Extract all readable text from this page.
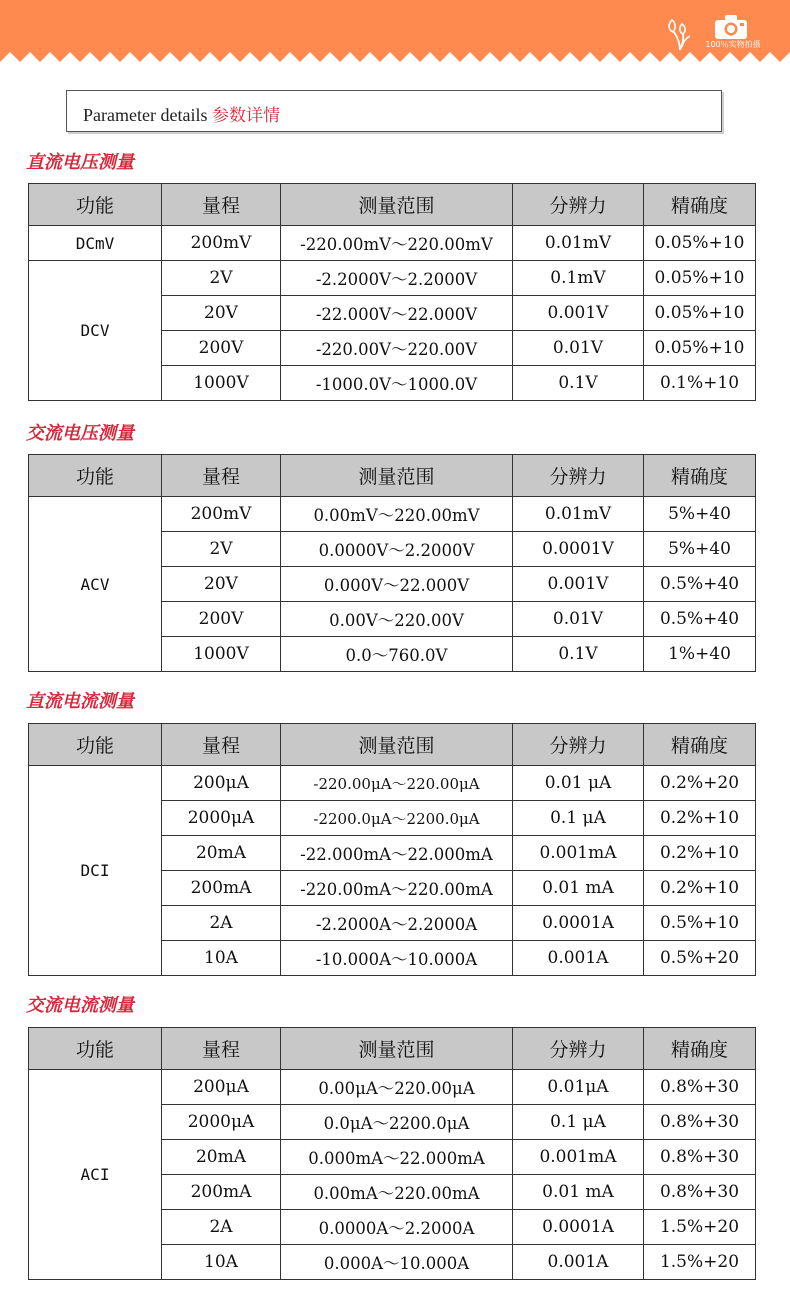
100％实物拍摄
Parameter details 参数详情
直流电压测量
功能	量程	测量范围	分辨力	精确度
DCmV	200mV	-220.00mV～220.00mV	0.01mV	0.05%+10
DCV	2V	-2.2000V～2.2000V	0.1mV	0.05%+10
	20V	-22.000V～22.000V	0.001V	0.05%+10
	200V	-220.00V～220.00V	0.01V	0.05%+10
	1000V	-1000.0V～1000.0V	0.1V	0.1%+10
交流电压测量
功能	量程	测量范围	分辨力	精确度
ACV	200mV	0.00mV～220.00mV	0.01mV	5%+40
	2V	0.0000V～2.2000V	0.0001V	5%+40
	20V	0.000V～22.000V	0.001V	0.5%+40
	200V	0.00V～220.00V	0.01V	0.5%+40
	1000V	0.0～760.0V	0.1V	1%+40
直流电流测量
功能	量程	测量范围	分辨力	精确度
DCI	200μA	-220.00μA～220.00μA	0.01 μA	0.2%+20
	2000μA	-2200.0μA～2200.0μA	0.1 μA	0.2%+10
	20mA	-22.000mA～22.000mA	0.001mA	0.2%+10
	200mA	-220.00mA～220.00mA	0.01 mA	0.2%+10
	2A	-2.2000A～2.2000A	0.0001A	0.5%+10
	10A	-10.000A～10.000A	0.001A	0.5%+20
交流电流测量
功能	量程	测量范围	分辨力	精确度
ACI	200μA	0.00μA～220.00μA	0.01μA	0.8%+30
	2000μA	0.0μA～2200.0μA	0.1 μA	0.8%+30
	20mA	0.000mA～22.000mA	0.001mA	0.8%+30
	200mA	0.00mA～220.00mA	0.01 mA	0.8%+30
	2A	0.0000A～2.2000A	0.0001A	1.5%+20
	10A	0.000A～10.000A	0.001A	1.5%+20
